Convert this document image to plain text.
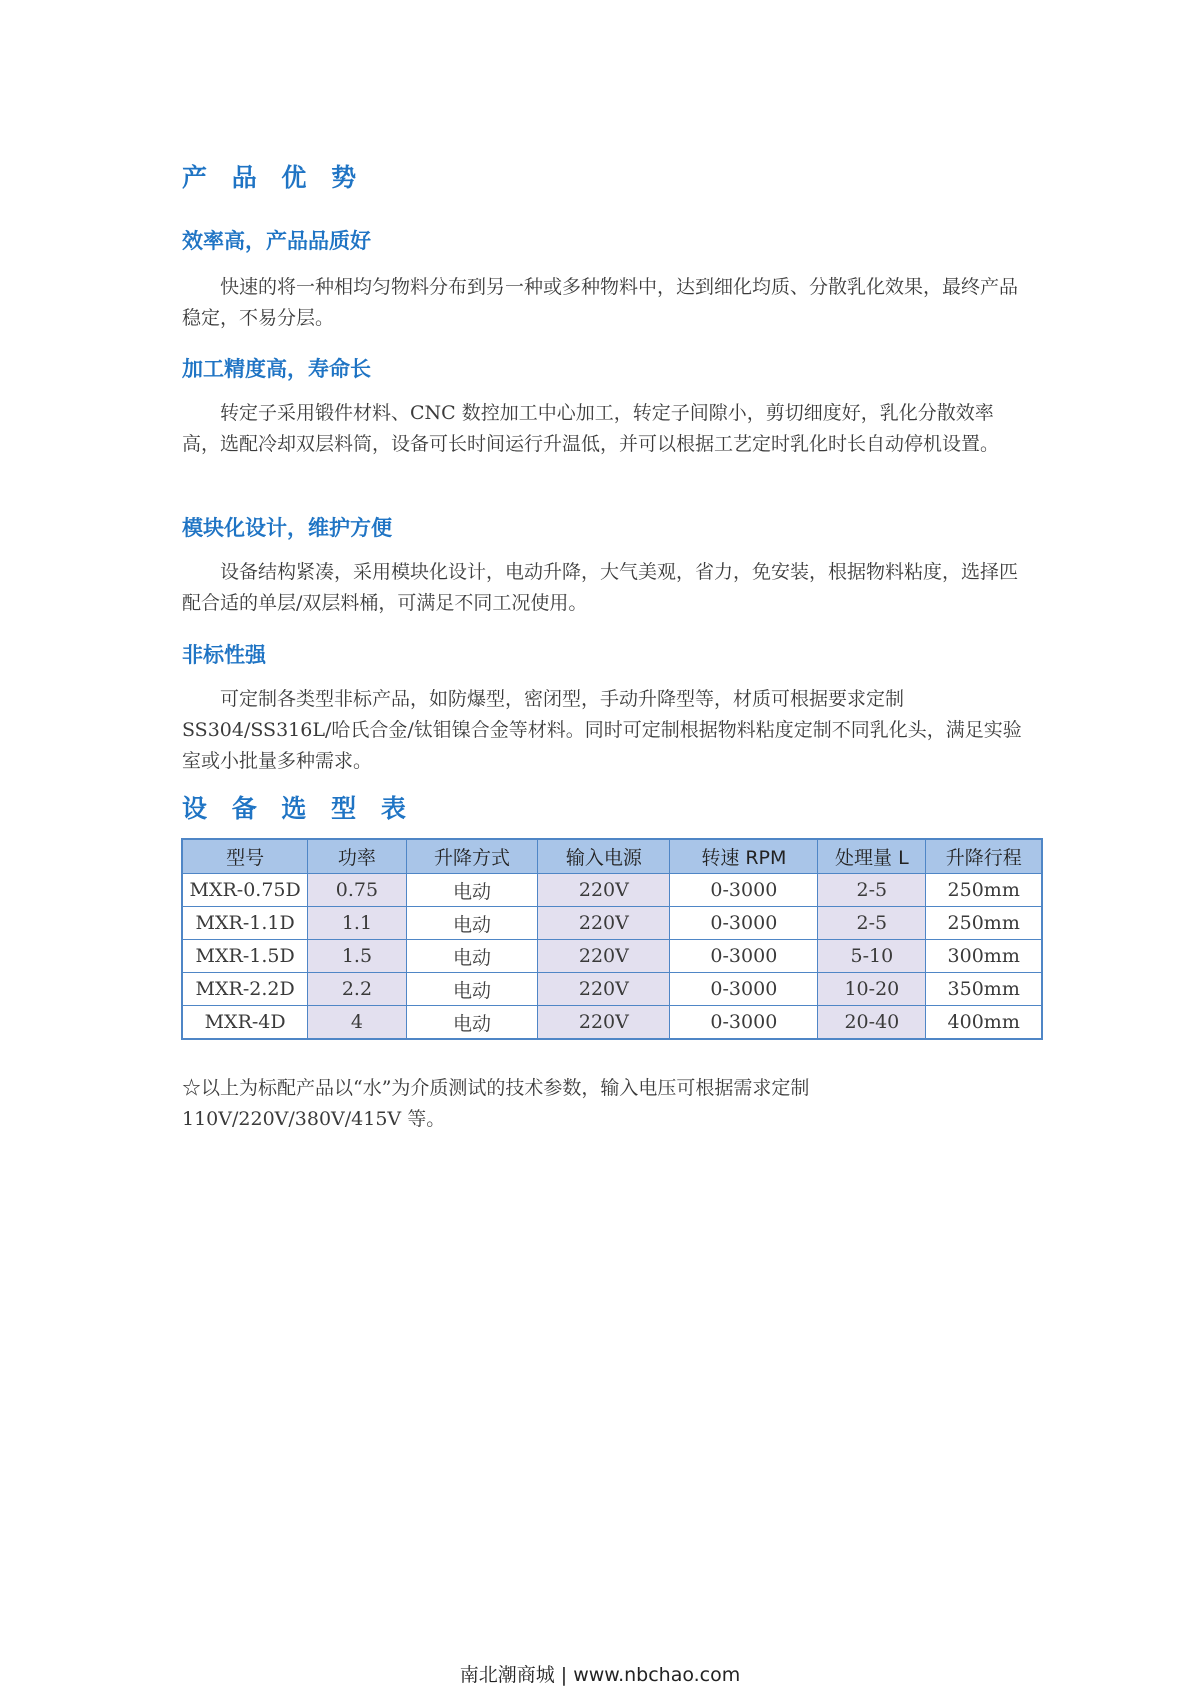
产 品 优 势
效率高，产品品质好

快速的将一种相均匀物料分布到另一种或多种物料中，达到细化均质、分散乳化效果，最终产品稳定，不易分层。

加工精度高，寿命长

转定子采用锻件材料、CNC 数控加工中心加工，转定子间隙小，剪切细度好，乳化分散效率高，选配冷却双层料筒，设备可长时间运行升温低，并可以根据工艺定时乳化时长自动停机设置。

模块化设计，维护方便

设备结构紧凑，采用模块化设计，电动升降，大气美观，省力，免安装，根据物料粘度，选择匹配合适的单层/双层料桶，可满足不同工况使用。

非标性强

可定制各类型非标产品，如防爆型，密闭型，手动升降型等，材质可根据要求定制SS304/SS316L/哈氏合金/钛钼镍合金等材料。同时可定制根据物料粘度定制不同乳化头，满足实验室或小批量多种需求。

设 备 选 型 表
型号	功率	升降方式	输入电源	转速 RPM	处理量 L	升降行程
MXR-0.75D	0.75	电动	220V	0-3000	2-5	250mm
MXR-1.1D	1.1	电动	220V	0-3000	2-5	250mm
MXR-1.5D	1.5	电动	220V	0-3000	5-10	300mm
MXR-2.2D	2.2	电动	220V	0-3000	10-20	350mm
MXR-4D	4	电动	220V	0-3000	20-40	400mm

☆以上为标配产品以“水”为介质测试的技术参数，输入电压可根据需求定制110V/220V/380V/415V 等。

南北潮商城 | www.nbchao.com
